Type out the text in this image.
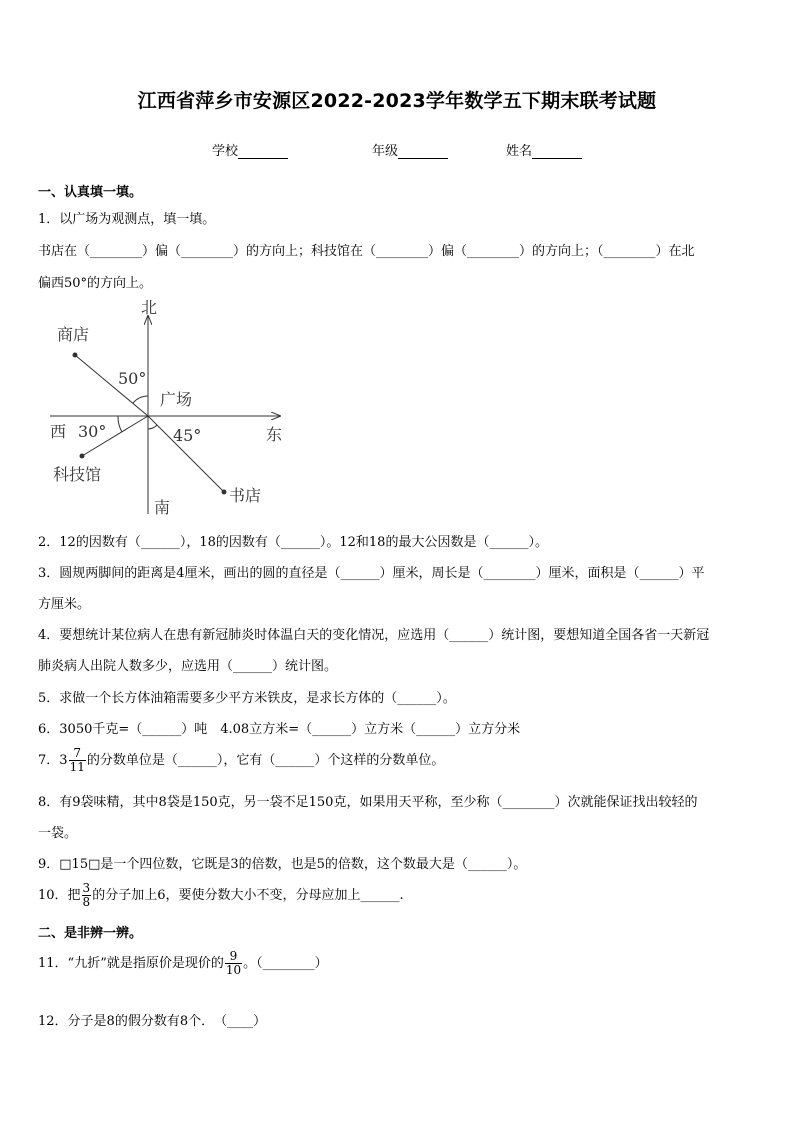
江西省萍乡市安源区2022-2023学年数学五下期末联考试题
学校	年级	姓名
一、认真填一填。
1．以广场为观测点，填一填。
书店在（________）偏（________）的方向上；科技馆在（________）偏（________）的方向上；（________）在北
偏西50°的方向上。
北
南
西	东
商店
广场
科技馆
书店
50°
30°	45°
2．12的因数有（______），18的因数有（______）。12和18的最大公因数是（______）。
3．圆规两脚间的距离是4厘米，画出的圆的直径是（______）厘米，周长是（________）厘米，面积是（______）平
方厘米。
4．要想统计某位病人在患有新冠肺炎时体温白天的变化情况，应选用（______）统计图，要想知道全国各省一天新冠
肺炎病人出院人数多少，应选用（______）统计图。
5．求做一个长方体油箱需要多少平方米铁皮，是求长方体的（______）。
6．3050千克=（______）吨　4.08立方米=（______）立方米（______）立方分米
7．$3 \frac{7}{11}$ 的分数单位是（______），它有（______）个这样的分数单位。
8．有9袋味精，其中8袋是150克，另一袋不足150克，如果用天平称，至少称（________）次就能保证找出较轻的
一袋。
9．□15□是一个四位数，它既是3的倍数，也是5的倍数，这个数最大是（______）。
10．把 $\frac{3}{8}$ 的分子加上6，要使分数大小不变，分母应加上______.
二、是非辨一辨。
11．“九折”就是指原价是现价的 $\frac{9}{10}$ 。（________）
12．分子是8的假分数有8个．　（____）
